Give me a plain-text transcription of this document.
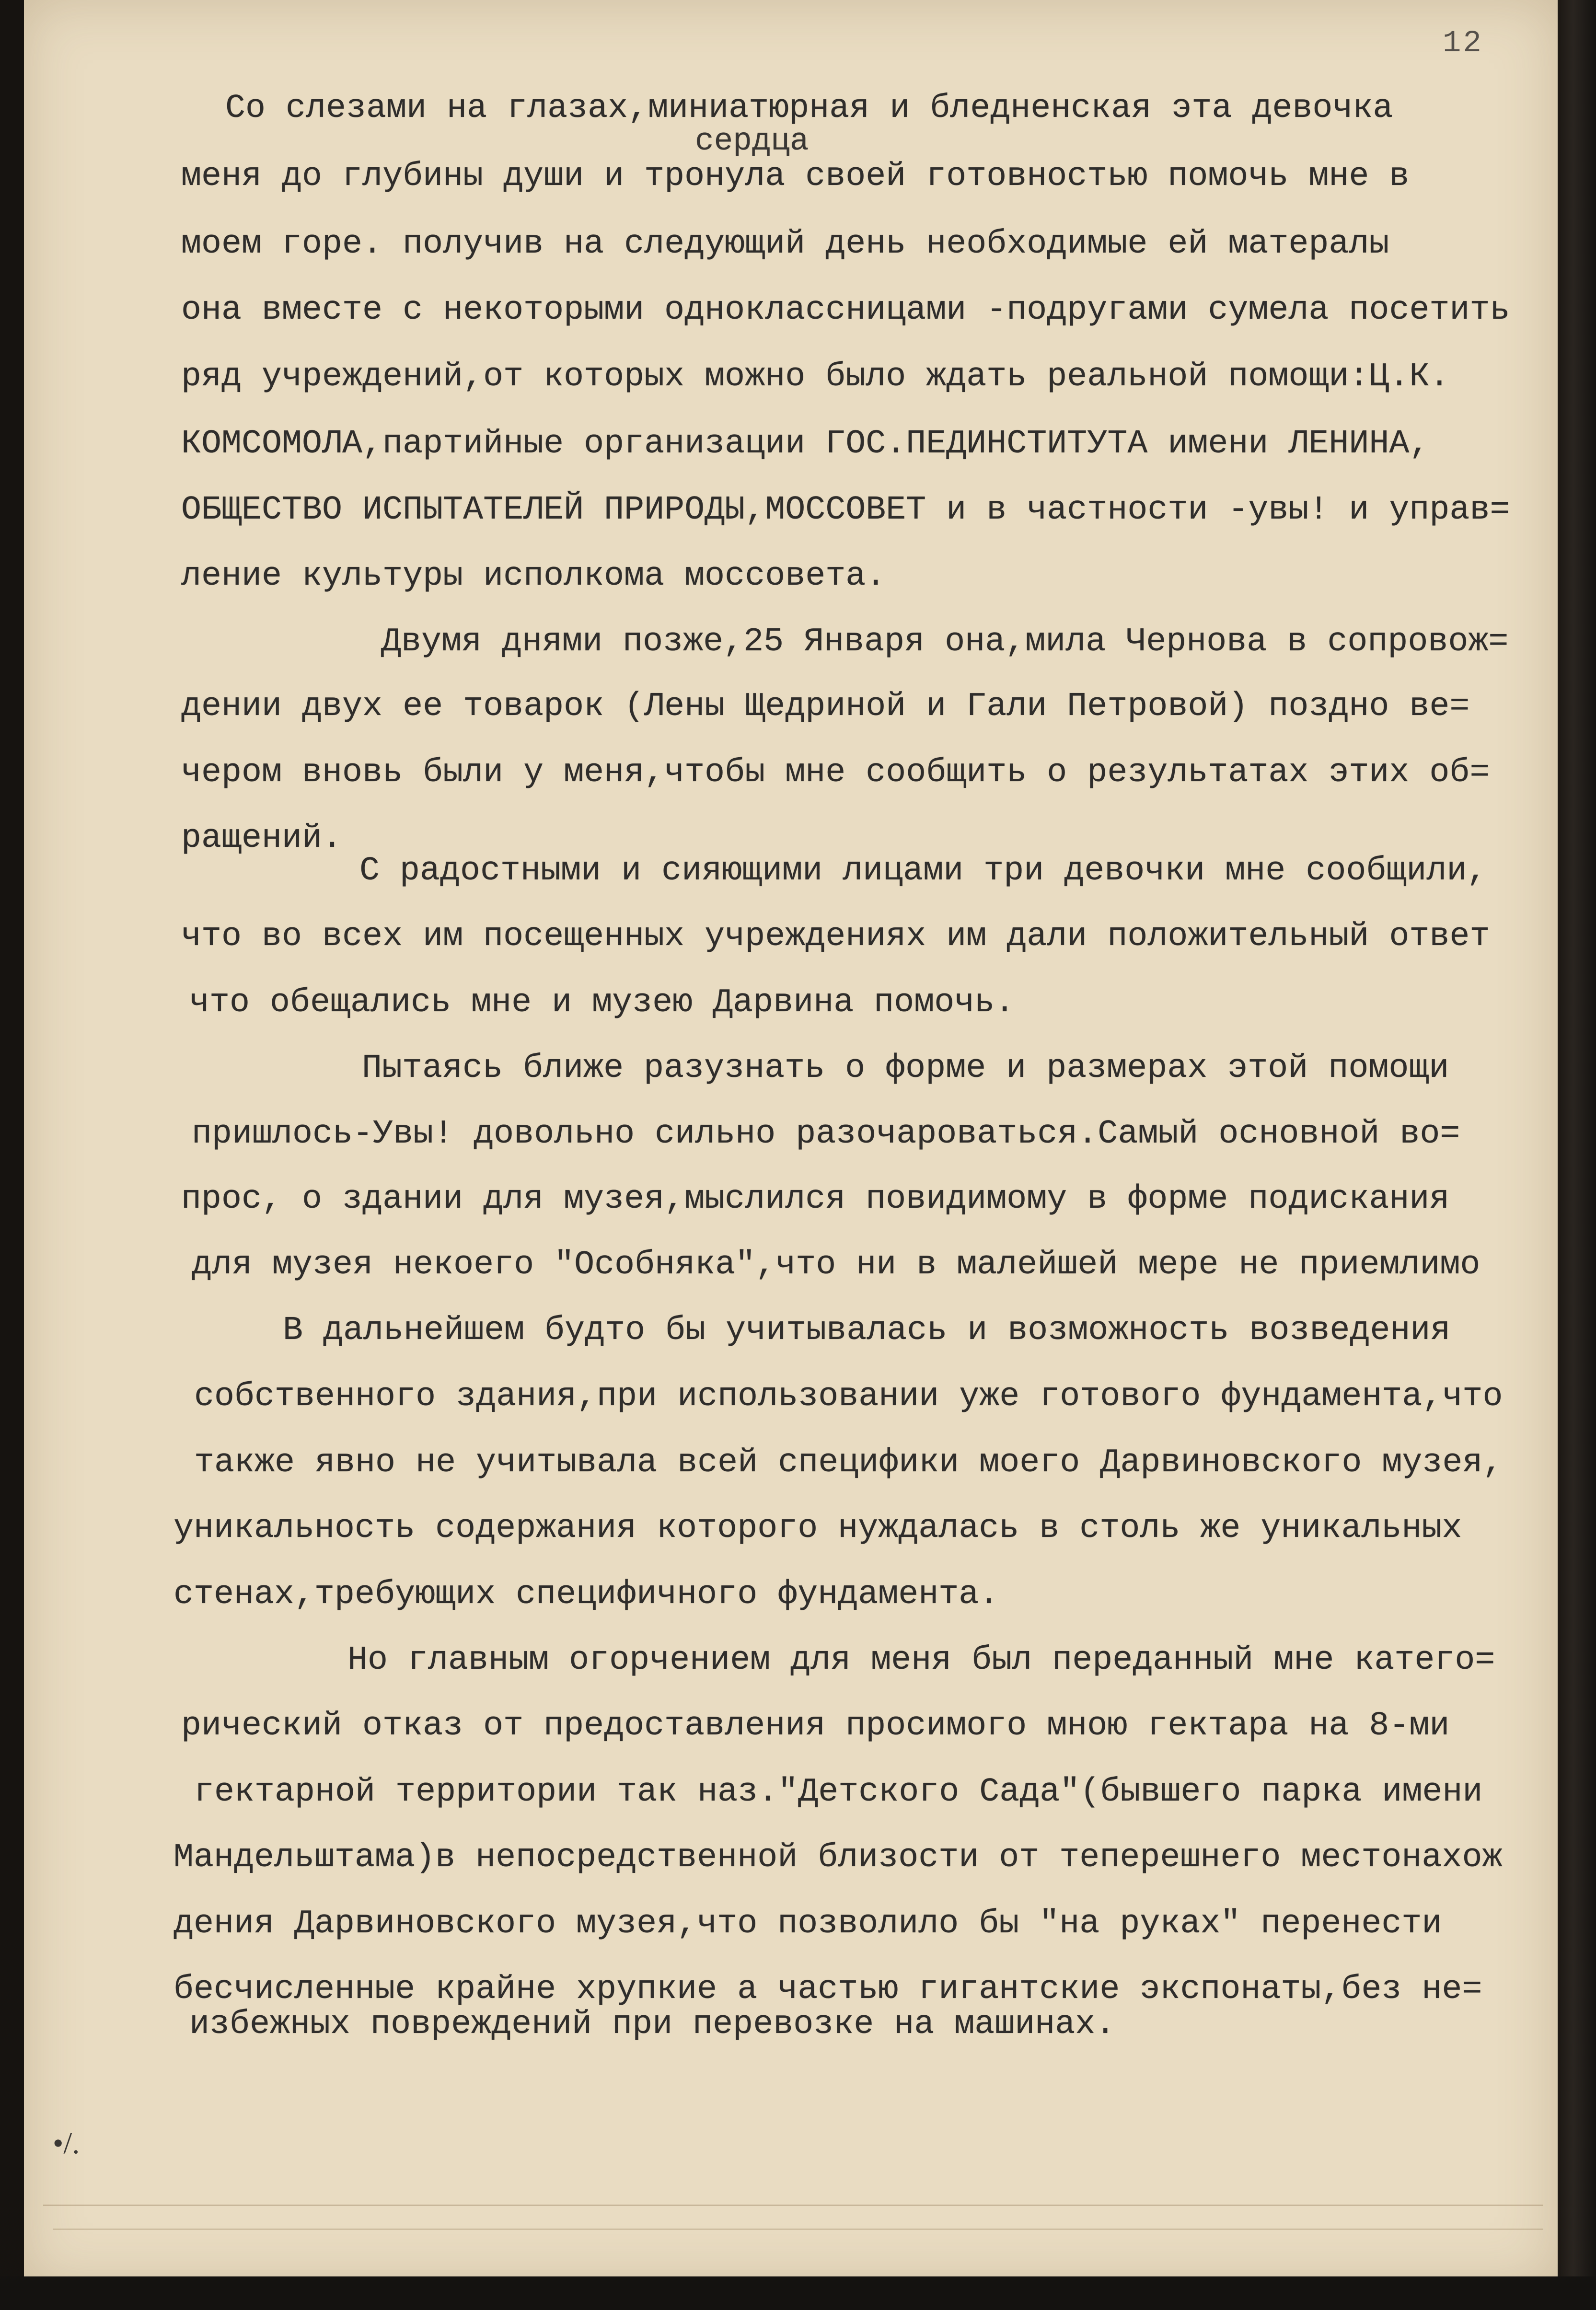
12
Со слезами на глазах,миниатюрная и бледненская эта девочка
сердца
меня до глубины души и тронула своей готовностью помочь мне в
моем горе. получив на следующий день необходимые ей матералы
она вместе с некоторыми одноклассницами -подругами сумела посетить
ряд учреждений,от которых можно было ждать реальной помощи:Ц.К.
КОМСОМОЛА,партийные организации ГОС.ПЕДИНСТИТУТА имени ЛЕНИНА,
ОБЩЕСТВО ИСПЫТАТЕЛЕЙ ПРИРОДЫ,МОССОВЕТ и в частности -увы! и управ=
ление культуры исполкома моссовета.
Двумя днями позже,25 Января она,мила Чернова в сопровож=
дении двух ее товарок (Лены Щедриной и Гали Петровой) поздно ве=
чером вновь были у меня,чтобы мне сообщить о результатах этих об=
ращений.
С радостными и сияющими лицами три девочки мне сообщили,
что во всех им посещенных учреждениях им дали положительный ответ
что обещались мне и музею Дарвина помочь.
Пытаясь ближе разузнать о форме и размерах этой помощи
пришлось-Увы! довольно сильно разочароваться.Самый основной во=
прос, о здании для музея,мыслился повидимому в форме подискания
для музея некоего "Особняка",что ни в малейшей мере не приемлимо
В дальнейшем будто бы учитывалась и возможность возведения
собственного здания,при использовании уже готового фундамента,что
также явно не учитывала всей специфики моего Дарвиновского музея,
уникальность содержания которого нуждалась в столь же уникальных
стенах,требующих специфичного фундамента.
Но главным огорчением для меня был переданный мне катего=
рический отказ от предоставления просимого мною гектара на 8-ми
гектарной территории так наз."Детского Сада"(бывшего парка имени
Мандельштама)в непосредственной близости от теперешнего местонахож
дения Дарвиновского музея,что позволило бы "на руках" перенести
бесчисленные крайне хрупкие а частью гигантские экспонаты,без не=
избежных повреждений при перевозке на машинах.
•/.
